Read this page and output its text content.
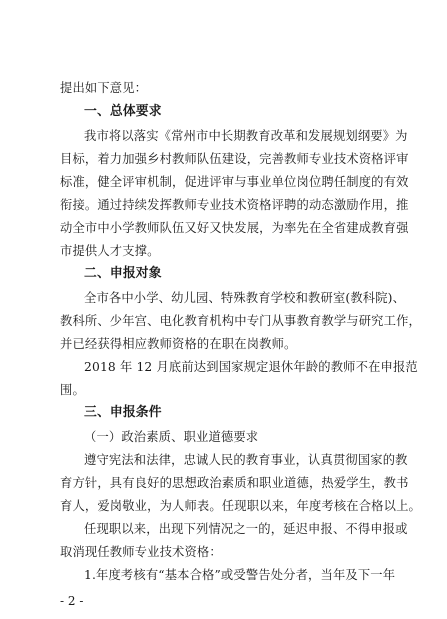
提出如下意见：
一、总体要求
我市将以落实《常州市中长期教育改革和发展规划纲要》为
目标，着力加强乡村教师队伍建设，完善教师专业技术资格评审
标准，健全评审机制，促进评审与事业单位岗位聘任制度的有效
衔接。通过持续发挥教师专业技术资格评聘的动态激励作用，推
动全市中小学教师队伍又好又快发展，为率先在全省建成教育强
市提供人才支撑。
二、申报对象
全市各中小学、幼儿园、特殊教育学校和教研室(教科院)、
教科所、少年宫、电化教育机构中专门从事教育教学与研究工作，
并已经获得相应教师资格的在职在岗教师。
2018 年 12 月底前达到国家规定退休年龄的教师不在申报范
围。
三、申报条件
（一）政治素质、职业道德要求
遵守宪法和法律，忠诚人民的教育事业，认真贯彻国家的教
育方针，具有良好的思想政治素质和职业道德，热爱学生，教书
育人，爱岗敬业，为人师表。任现职以来，年度考核在合格以上。
任现职以来，出现下列情况之一的，延迟申报、不得申报或
取消现任教师专业技术资格：
1.年度考核有“基本合格”或受警告处分者，当年及下一年
- 2 -
